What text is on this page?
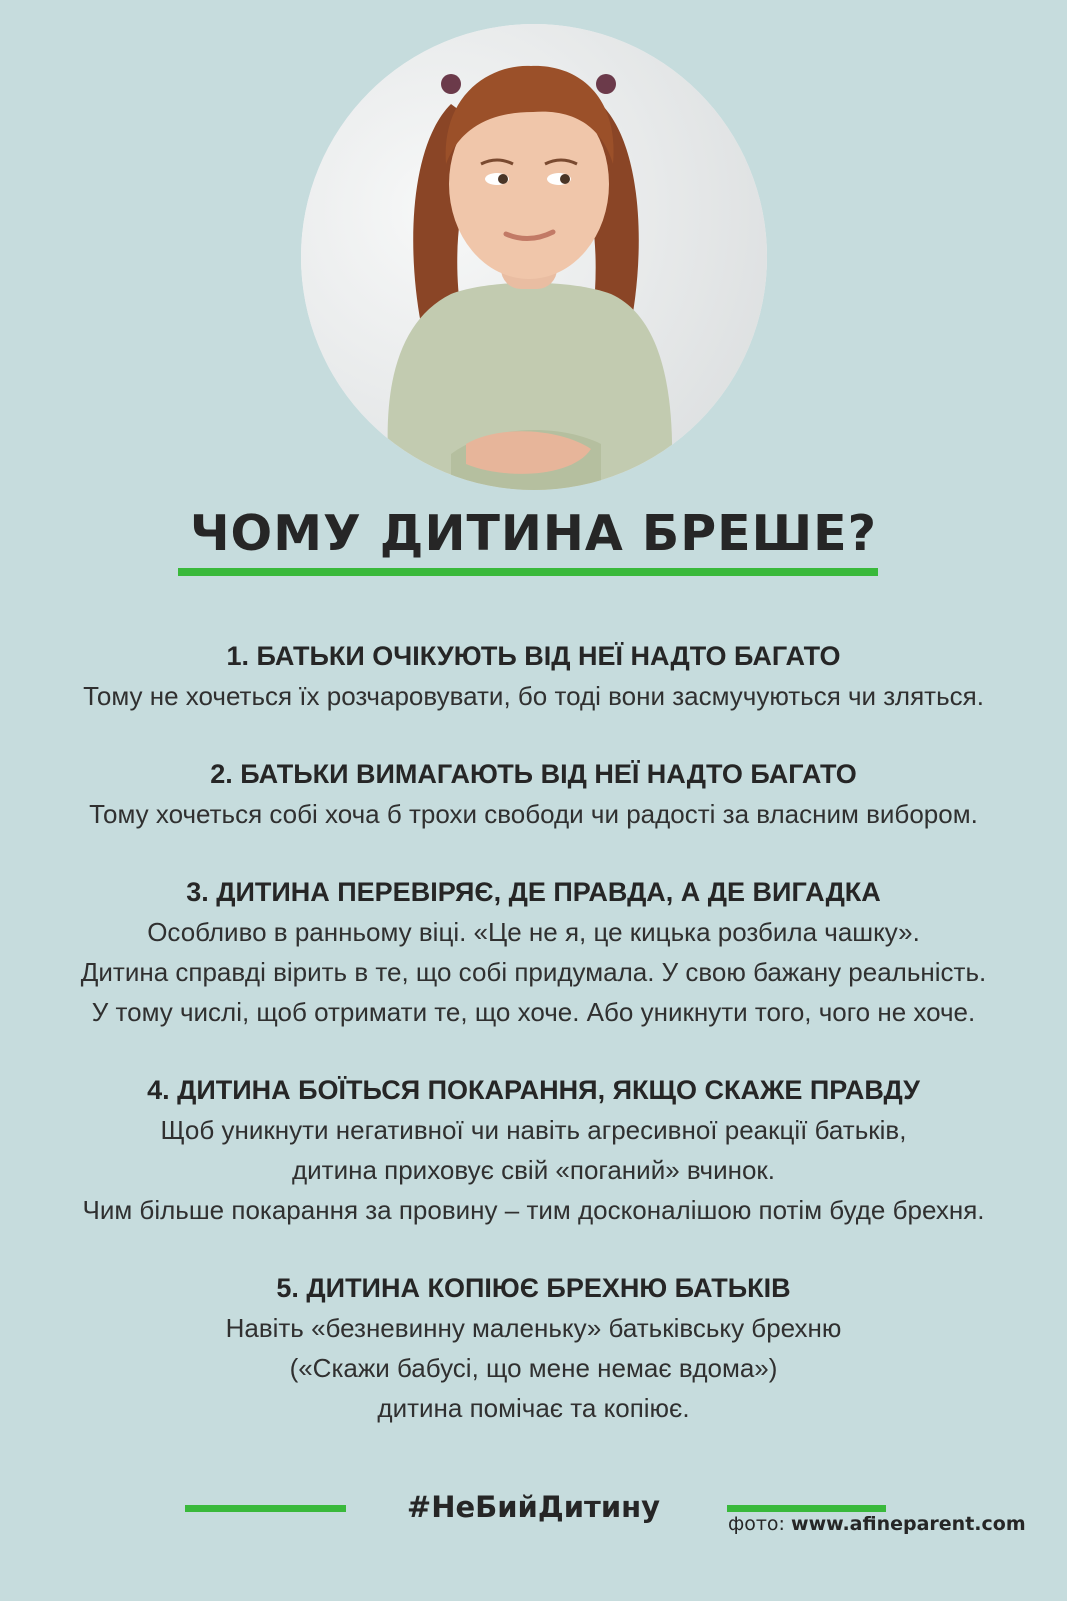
ЧОМУ ДИТИНА БРЕШЕ?
1. БАТЬКИ ОЧІКУЮТЬ ВІД НЕЇ НАДТО БАГАТО

Тому не хочеться їх розчаровувати, бо тоді вони засмучуються чи зляться.

2. БАТЬКИ ВИМАГАЮТЬ ВІД НЕЇ НАДТО БАГАТО

Тому хочеться собі хоча б трохи свободи чи радості за власним вибором.

3. ДИТИНА ПЕРЕВІРЯЄ, ДЕ ПРАВДА, А ДЕ ВИГАДКА

Особливо в ранньому віці. «Це не я, це кицька розбила чашку».

Дитина справді вірить в те, що собі придумала. У свою бажану реальність.

У тому числі, щоб отримати те, що хоче. Або уникнути того, чого не хоче.

4. ДИТИНА БОЇТЬСЯ ПОКАРАННЯ, ЯКЩО СКАЖЕ ПРАВДУ

Щоб уникнути негативної чи навіть агресивної реакції батьків,

дитина приховує свій «поганий» вчинок.

Чим більше покарання за провину – тим досконалішою потім буде брехня.

5. ДИТИНА КОПІЮЄ БРЕХНЮ БАТЬКІВ

Навіть «безневинну маленьку» батьківську брехню

(«Скажи бабусі, що мене немає вдома»)

дитина помічає та копіює.

#НеБийДитину	фото: www.afineparent.com
